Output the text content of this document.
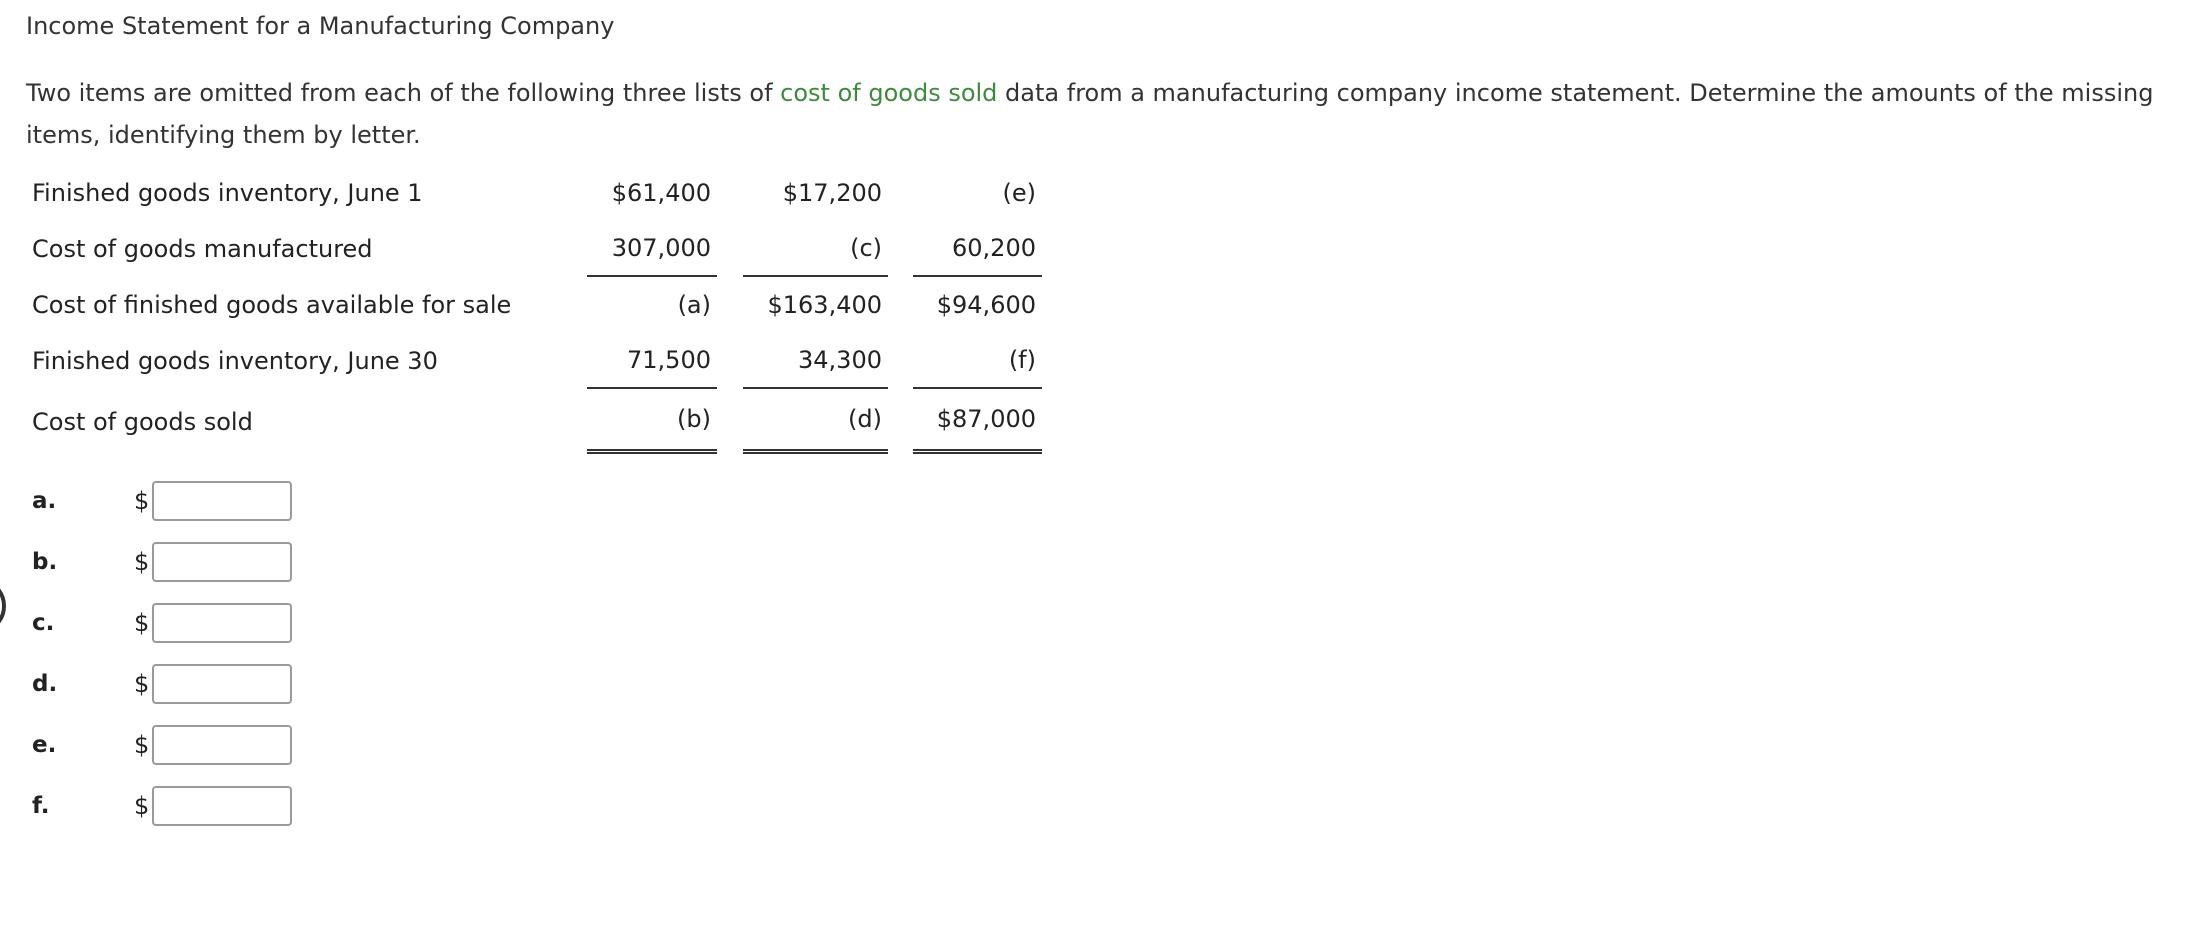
Income Statement for a Manufacturing Company
Two items are omitted from each of the following three lists of cost of goods sold data from a manufacturing company income statement. Determine the amounts of the missing items, identifying them by letter.
Finished goods inventory, June 1	$61,400		$17,200		(e)
Cost of goods manufactured	307,000		(c)		60,200
Cost of finished goods available for sale	(a)		$163,400		$94,600
Finished goods inventory, June 30	71,500		34,300		(f)
Cost of goods sold	(b)		(d)		$87,000
a.	$
b.	$
c.	$
d.	$
e.	$
f.	$
